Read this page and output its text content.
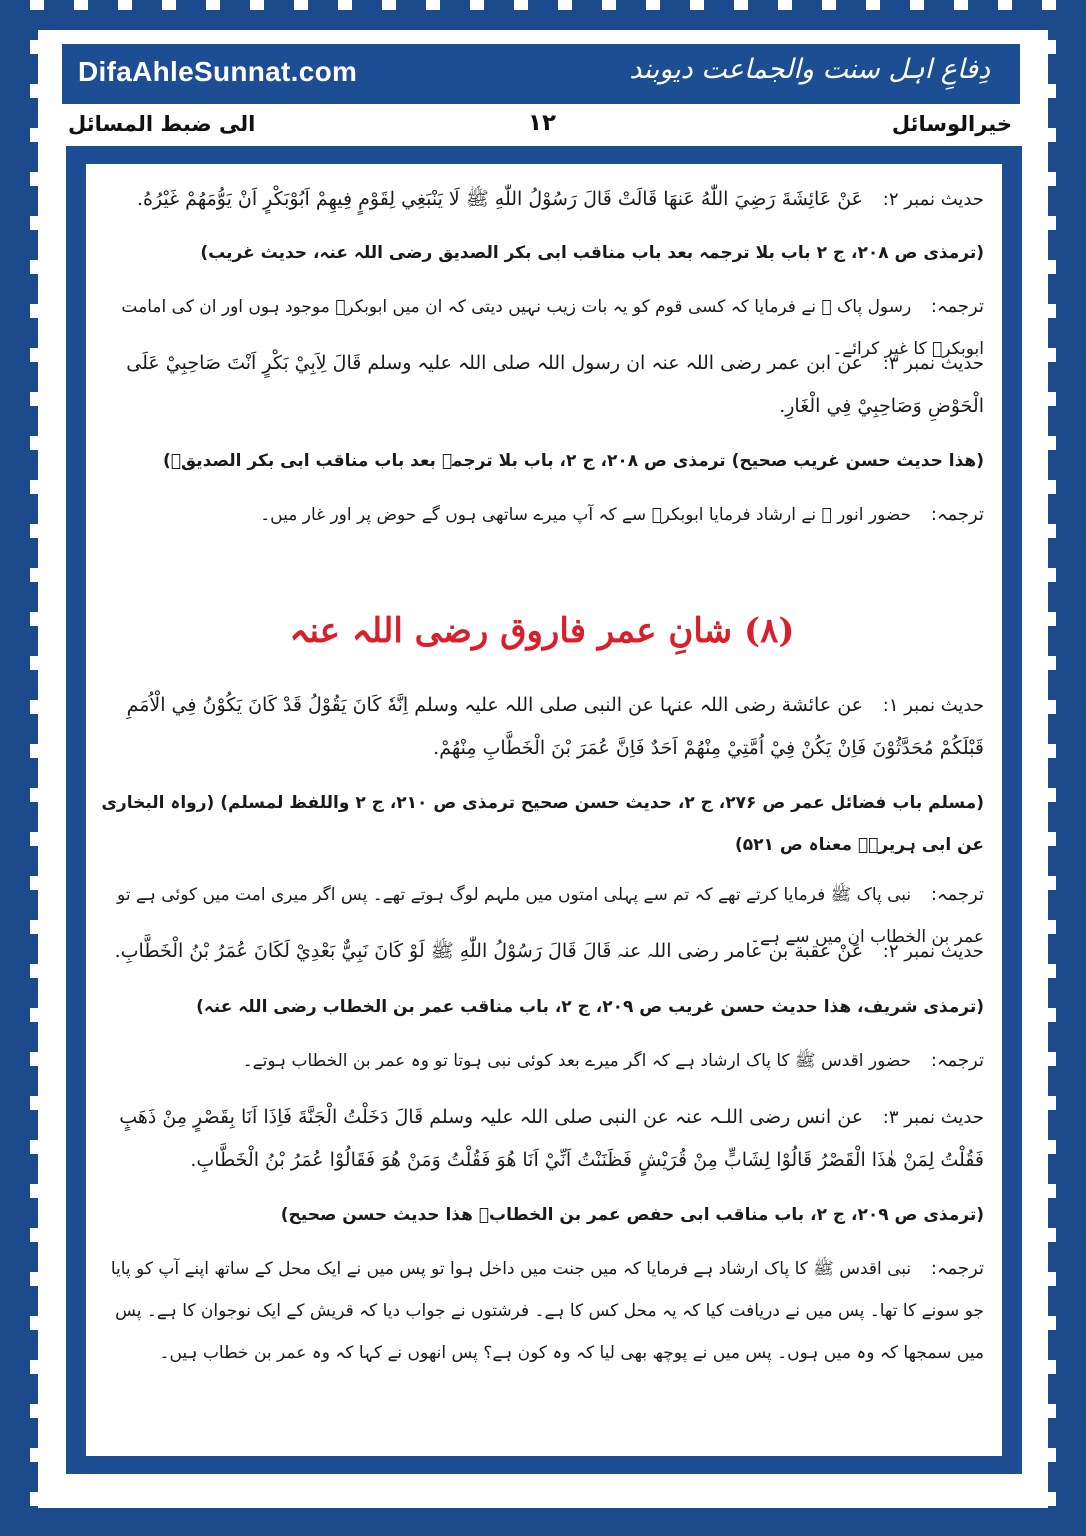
DifaAhleSunnat.com	دِفاعِ اہل سنت والجماعت دیوبند
الی ضبط المسائل	۱۲	خیرالوسائل
حدیث نمبر ۲: عَنْ عَائِشَةَ رَضِيَ اللّٰهُ عَنهَا قَالَتْ قَالَ رَسُوْلُ اللّٰهِ ﷺ لَا يَنْبَغِي لِقَوْمٍ فِيهِمْ اَبُوْبَكْرٍ اَنْ يَوُّمَهُمْ غَيْرُهُ.
(ترمذی ص ۲۰۸، ج ۲ باب بلا ترجمہ بعد باب مناقب ابی بکر الصدیق رضی اللہ عنہ، حدیث غریب)
ترجمہ: رسول پاک ﷺ نے فرمایا کہ کسی قوم کو یہ بات زیب نہیں دیتی کہ ان میں ابوبکرؓ موجود ہوں اور ان کی امامت ابوبکرؓ کا غیر کرائے۔
حدیث نمبر ۳: عن ابن عمر رضی اللہ عنہ ان رسول اللہ صلی اللہ علیہ وسلم قَالَ لِاَبِيْ بَكْرٍ اَنْتَ صَاحِبِيْ عَلَى الْحَوْضِ وَصَاحِبِيْ فِي الْغَارِ.
(ھذا حدیث حسن غریب صحیح) ترمذی ص ۲۰۸، ج ۲، باب بلا ترجمہ بعد باب مناقب ابی بکر الصدیقؓ)
ترجمہ: حضور انور ﷺ نے ارشاد فرمایا ابوبکرؓ سے کہ آپ میرے ساتھی ہوں گے حوض پر اور غار میں۔
(۸) شانِ عمر فاروق رضی اللہ عنہ
حدیث نمبر ۱: عن عائشة رضی اللہ عنہا عن النبی صلی اللہ علیہ وسلم اِنَّهٗ كَانَ يَقُوْلُ قَدْ كَانَ يَكُوْنُ فِي الْاُمَمِ قَبْلَكُمْ مُحَدَّثُوْنَ فَاِنْ يَكُنْ فِيْ اُمَّتِيْ مِنْهُمْ اَحَدٌ فَاِنَّ عُمَرَ بْنَ الْخَطَّابِ مِنْهُمْ.
(مسلم باب فضائل عمر ص ۲۷۶، ج ۲، حدیث حسن صحیح ترمذی ص ۲۱۰، ج ۲ واللفظ لمسلم) (رواہ البخاری عن ابی ہریرۃؓ معناہ ص ۵۲۱)
ترجمہ: نبی پاک ﷺ فرمایا کرتے تھے کہ تم سے پہلی امتوں میں ملہم لوگ ہوتے تھے۔ پس اگر میری امت میں کوئی ہے تو عمر بن الخطاب ان میں سے ہے۔
حدیث نمبر ۲: عَنْ عقبة بن عامر رضی اللہ عنہ قَالَ قَالَ رَسُوْلُ اللّٰهِ ﷺ لَوْ كَانَ نَبِيٌّ بَعْدِيْ لَكَانَ عُمَرُ بْنُ الْخَطَّابِ.
(ترمذی شریف، ھذا حدیث حسن غریب ص ۲۰۹، ج ۲، باب مناقب عمر بن الخطاب رضی اللہ عنہ)
ترجمہ: حضور اقدس ﷺ کا پاک ارشاد ہے کہ اگر میرے بعد کوئی نبی ہوتا تو وہ عمر بن الخطاب ہوتے۔
حدیث نمبر ۳: عن انس رضی اللـہ عنہ عن النبی صلی اللہ علیہ وسلم قَالَ دَخَلْتُ الْجَنَّةَ فَاِذَا اَنَا بِقَصْرٍ مِنْ ذَهَبٍ فَقُلْتُ لِمَنْ هٰذَا الْقَصْرُ قَالُوْا لِشَابٍّ مِنْ قُرَيْشٍ فَظَنَنْتُ اَنِّيْ اَنَا هُوَ فَقُلْتُ وَمَنْ هُوَ فَقَالُوْا عُمَرُ بْنُ الْخَطَّابِ.
(ترمذی ص ۲۰۹، ج ۲، باب مناقب ابی حفص عمر بن الخطابؓ ھذا حدیث حسن صحیح)
ترجمہ: نبی اقدس ﷺ کا پاک ارشاد ہے فرمایا کہ میں جنت میں داخل ہوا تو پس میں نے ایک محل کے ساتھ اپنے آپ کو پایا جو سونے کا تھا۔ پس میں نے دریافت کیا کہ یہ محل کس کا ہے۔ فرشتوں نے جواب دیا کہ قریش کے ایک نوجوان کا ہے۔ پس میں سمجھا کہ وہ میں ہوں۔ پس میں نے پوچھ بھی لیا کہ وہ کون ہے؟ پس انھوں نے کہا کہ وہ عمر بن خطاب ہیں۔
